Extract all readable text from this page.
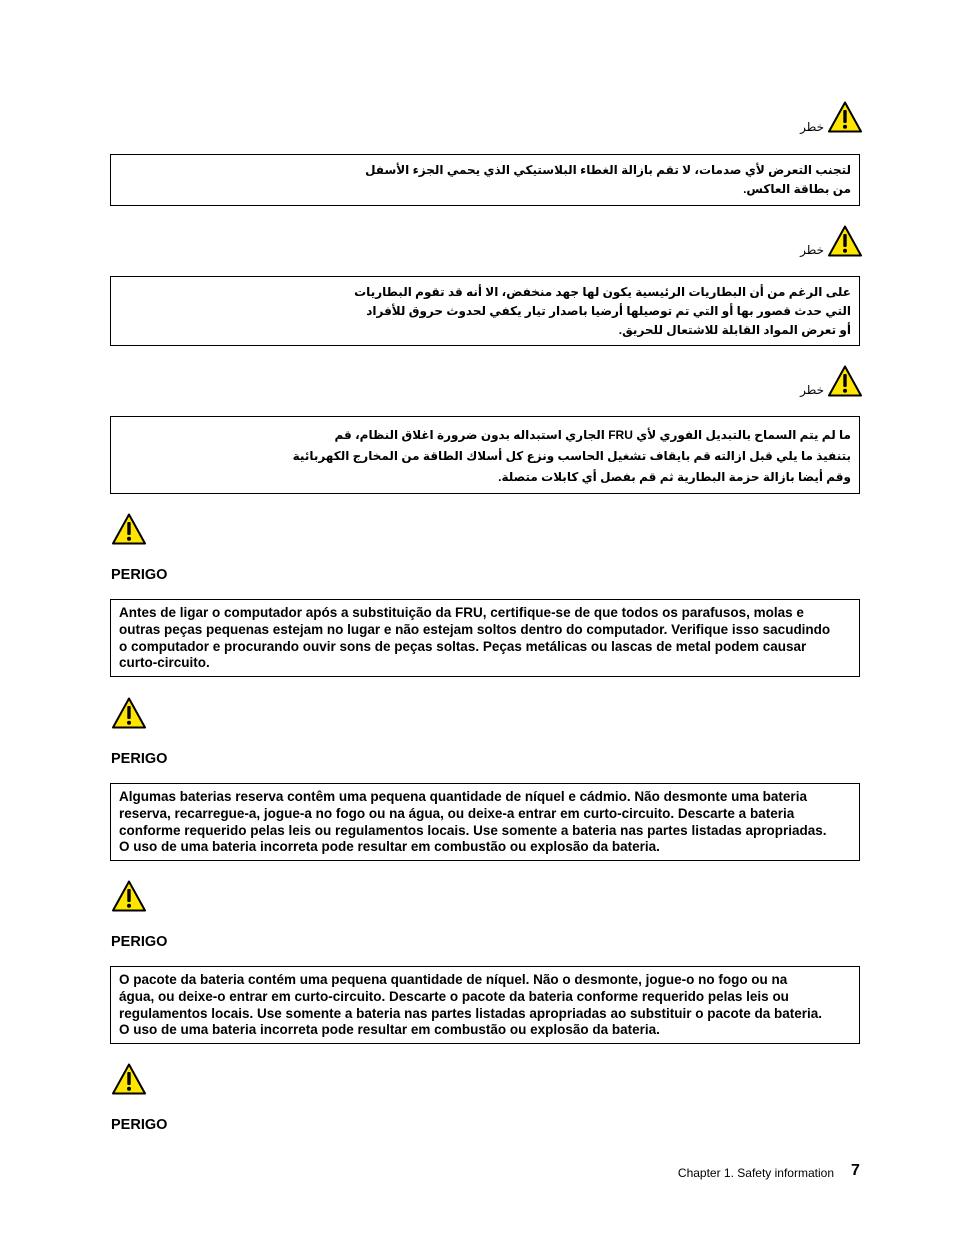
خطر

لتجنب التعرض لأي صدمات، لا تقم بازالة الغطاء البلاستيكي الذي يحمي الجزء الأسفل

من بطاقة العاكس.

خطر

على الرغم من أن البطاريات الرئيسية يكون لها جهد منخفض، الا أنه قد تقوم البطاريات

التي حدث قصور بها أو التي تم توصيلها أرضيا باصدار تيار يكفي لحدوث حروق للأفراد

أو تعرض المواد القابلة للاشتعال للحريق.

خطر

ما لم يتم السماح بالتبديل الفوري لأي FRU الجاري استبداله بدون ضرورة اغلاق النظام، قم

بتنفيذ ما يلي قبل ازالته قم بايقاف تشغيل الحاسب ونزع كل أسلاك الطاقة من المخارج الكهربائية

وقم أيضا بازالة حزمة البطارية ثم قم بفصل أي كابلات متصلة.

PERIGO

Antes de ligar o computador após a substituição da FRU, certifique-se de que todos os parafusos, molas e

outras peças pequenas estejam no lugar e não estejam soltos dentro do computador. Verifique isso sacudindo

o computador e procurando ouvir sons de peças soltas. Peças metálicas ou lascas de metal podem causar

curto-circuito.

PERIGO

Algumas baterias reserva contêm uma pequena quantidade de níquel e cádmio. Não desmonte uma bateria

reserva, recarregue-a, jogue-a no fogo ou na água, ou deixe-a entrar em curto-circuito. Descarte a bateria

conforme requerido pelas leis ou regulamentos locais. Use somente a bateria nas partes listadas apropriadas.

O uso de uma bateria incorreta pode resultar em combustão ou explosão da bateria.

PERIGO

O pacote da bateria contém uma pequena quantidade de níquel. Não o desmonte, jogue-o no fogo ou na

água, ou deixe-o entrar em curto-circuito. Descarte o pacote da bateria conforme requerido pelas leis ou

regulamentos locais. Use somente a bateria nas partes listadas apropriadas ao substituir o pacote da bateria.

O uso de uma bateria incorreta pode resultar em combustão ou explosão da bateria.

PERIGO
Chapter 1. Safety information 7
